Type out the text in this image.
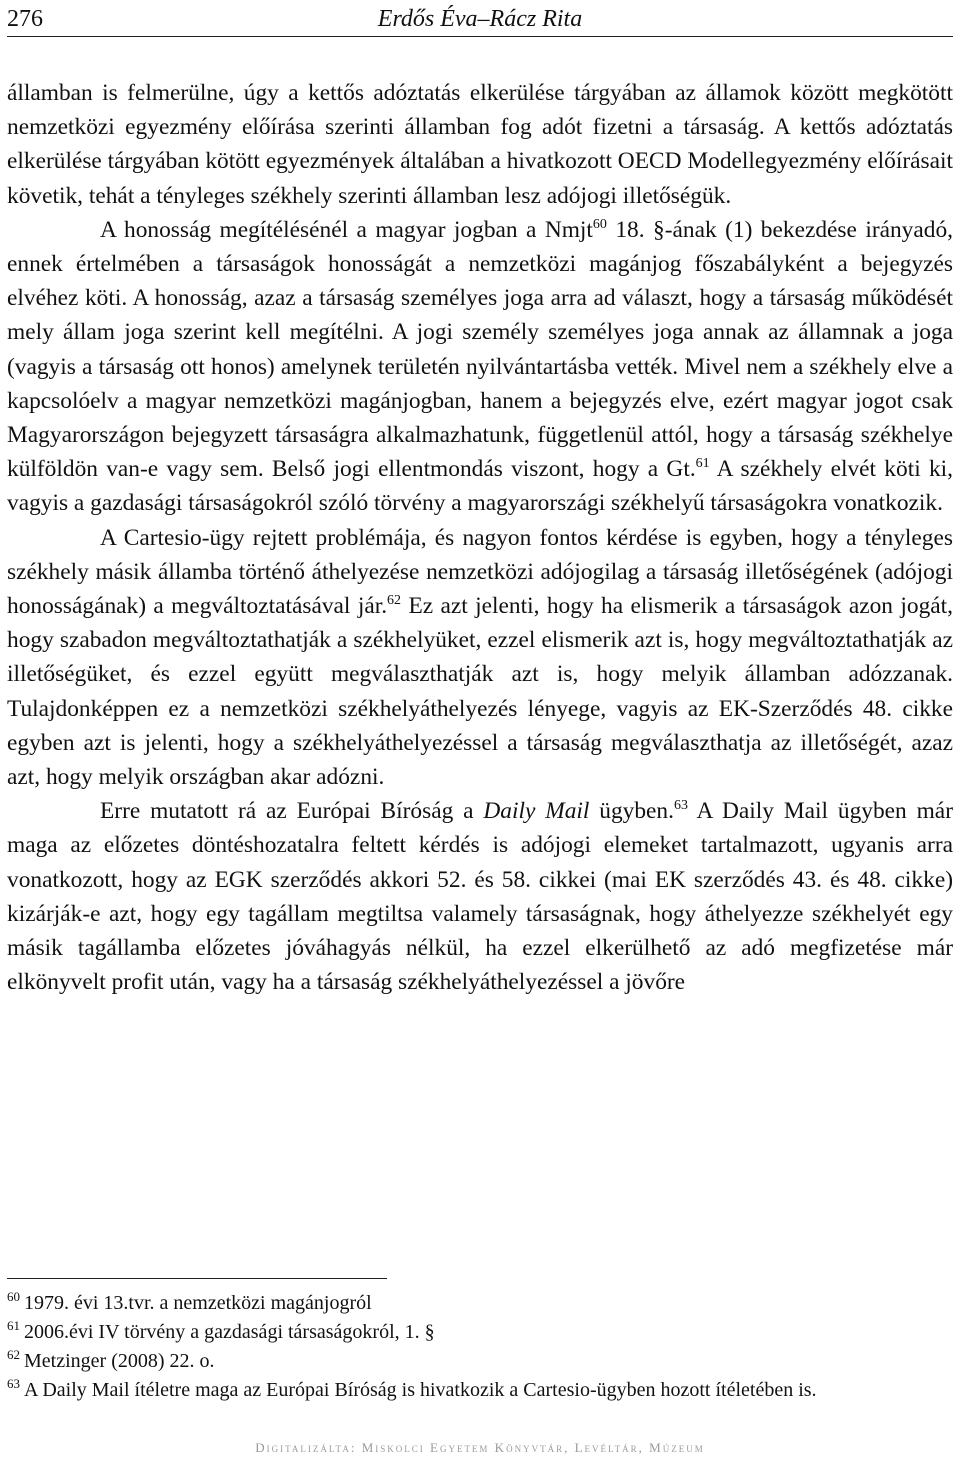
276	Erdős Éva–Rácz Rita

államban is felmerülne, úgy a kettős adóztatás elkerülése tárgyában az államok között megkötött nemzetközi egyezmény előírása szerinti államban fog adót fizetni a társaság. A kettős adóztatás elkerülése tárgyában kötött egyezmények általában a hivatkozott OECD Modellegyezmény előírásait követik, tehát a tényleges székhely szerinti államban lesz adójogi illetőségük.

A honosság megítélésénél a magyar jogban a Nmjt$^{60}$ 18. §-ának (1) bekezdése irányadó, ennek értelmében a társaságok honosságát a nemzetközi magánjog főszabályként a bejegyzés elvéhez köti. A honosság, azaz a társaság személyes joga arra ad választ, hogy a társaság működését mely állam joga szerint kell megítélni. A jogi személy személyes joga annak az államnak a joga (vagyis a társaság ott honos) amelynek területén nyilvántartásba vették. Mivel nem a székhely elve a kapcsolóelv a magyar nemzetközi magánjogban, hanem a bejegyzés elve, ezért magyar jogot csak Magyarországon bejegyzett társaságra alkalmazhatunk, függetlenül attól, hogy a társaság székhelye külföldön van-e vagy sem. Belső jogi ellentmondás viszont, hogy a Gt.$^{61}$ A székhely elvét köti ki, vagyis a gazdasági társaságokról szóló törvény a magyarországi székhelyű társaságokra vonatkozik.

A Cartesio-ügy rejtett problémája, és nagyon fontos kérdése is egyben, hogy a tényleges székhely másik államba történő áthelyezése nemzetközi adójogilag a társaság illetőségének (adójogi honosságának) a megváltoztatásával jár.$^{62}$ Ez azt jelenti, hogy ha elismerik a társaságok azon jogát, hogy szabadon megváltoztathatják a székhelyüket, ezzel elismerik azt is, hogy megváltoztathatják az illetőségüket, és ezzel együtt megválaszthatják azt is, hogy melyik államban adózzanak. Tulajdonképpen ez a nemzetközi székhelyáthelyezés lényege, vagyis az EK-Szerződés 48. cikke egyben azt is jelenti, hogy a székhelyáthelyezéssel a társaság megválaszthatja az illetőségét, azaz azt, hogy melyik országban akar adózni.

Erre mutatott rá az Európai Bíróság a Daily Mail ügyben.$^{63}$ A Daily Mail ügyben már maga az előzetes döntéshozatalra feltett kérdés is adójogi elemeket tartalmazott, ugyanis arra vonatkozott, hogy az EGK szerződés akkori 52. és 58. cikkei (mai EK szerződés 43. és 48. cikke) kizárják-e azt, hogy egy tagállam megtiltsa valamely társaságnak, hogy áthelyezze székhelyét egy másik tagállamba előzetes jóváhagyás nélkül, ha ezzel elkerülhető az adó megfizetése már elkönyvelt profit után, vagy ha a társaság székhelyáthelyezéssel a jövőre

$^{60}$ 1979. évi 13.tvr. a nemzetközi magánjogról

$^{61}$ 2006.évi IV törvény a gazdasági társaságokról, 1. §

$^{62}$ Metzinger (2008) 22. o.

$^{63}$ A Daily Mail ítéletre maga az Európai Bíróság is hivatkozik a Cartesio-ügyben hozott ítéletében is.

Digitalizálta: Miskolci Egyetem Könyvtár, Levéltár, Múzeum
